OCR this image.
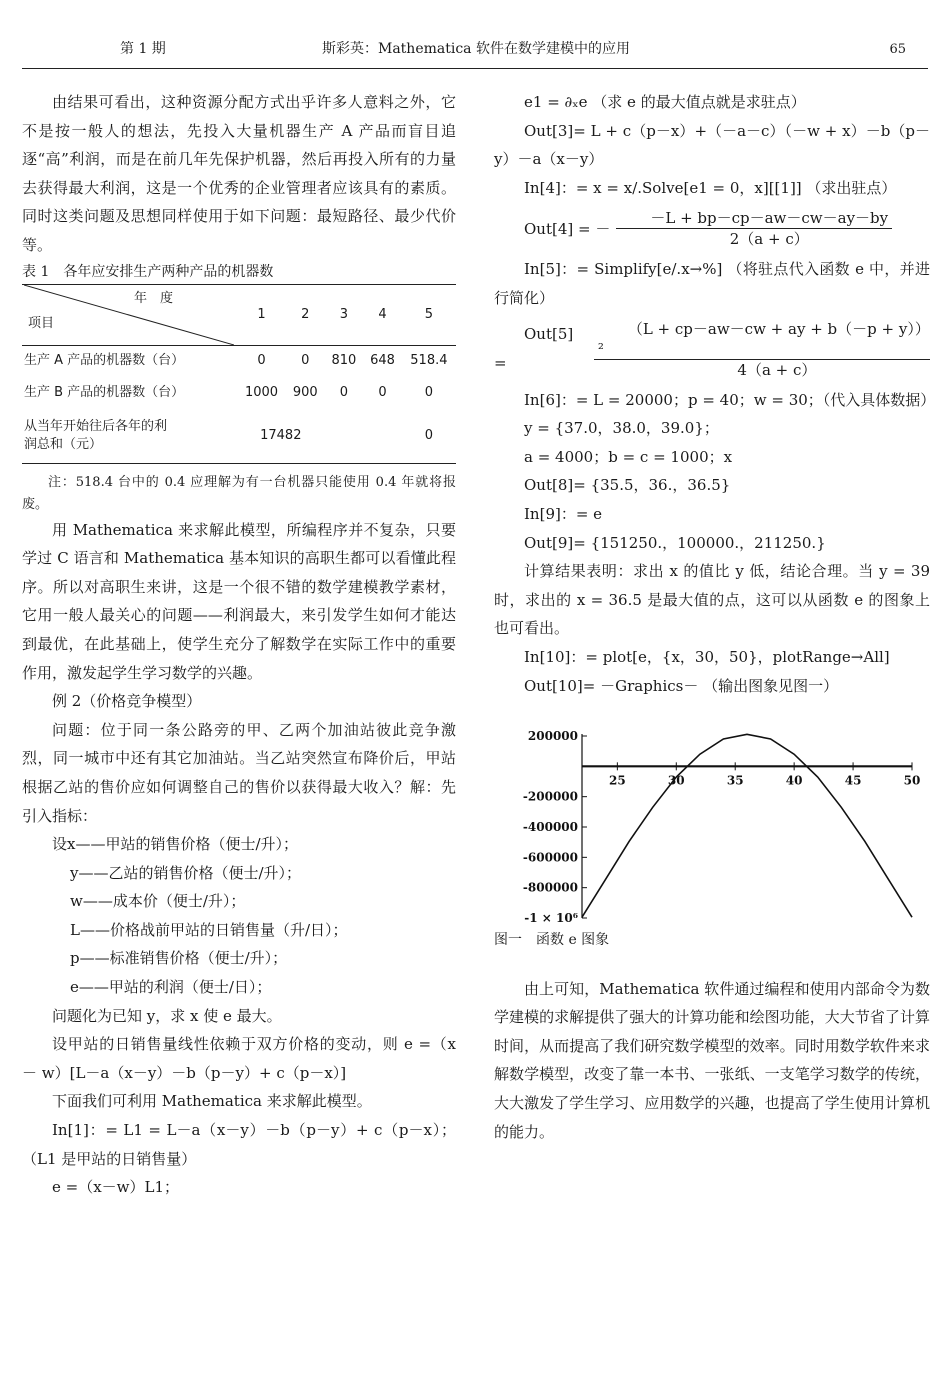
第 1 期	斯彩英：Mathematica 软件在数学建模中的应用	65

由结果可看出，这种资源分配方式出乎许多人意料之外，它不是按一般人的想法，先投入大量机器生产 A 产品而盲目追逐“高”利润，而是在前几年先保护机器，然后再投入所有的力量去获得最大利润，这是一个优秀的企业管理者应该具有的素质。同时这类问题及思想同样使用于如下问题：最短路径、最少代价等。

表 1　各年应安排生产两种产品的机器数

年　度
项目	1	2	3	4	5
生产 A 产品的机器数（台）	0	0	810	648	518.4
生产 B 产品的机器数（台）	1000	900	0	0	0
从当年开始往后各年的利
润总和（元）	17482				0

注：518.4 台中的 0.4 应理解为有一台机器只能使用 0.4 年就将报废。

用 Mathematica 来求解此模型，所编程序并不复杂，只要学过 C 语言和 Mathematica 基本知识的高职生都可以看懂此程序。所以对高职生来讲，这是一个很不错的数学建模教学素材，它用一般人最关心的问题——利润最大，来引发学生如何才能达到最优，在此基础上，使学生充分了解数学在实际工作中的重要作用，激发起学生学习数学的兴趣。

例 2（价格竞争模型）

问题：位于同一条公路旁的甲、乙两个加油站彼此竞争激烈，同一城市中还有其它加油站。当乙站突然宣布降价后，甲站根据乙站的售价应如何调整自己的售价以获得最大收入？解：先引入指标：

设x——甲站的销售价格（便士/升）；

y——乙站的销售价格（便士/升）；

w——成本价（便士/升）；

L——价格战前甲站的日销售量（升/日）；

p——标准销售价格（便士/升）；

e——甲站的利润（便士/日）；

问题化为已知 y，求 x 使 e 最大。

设甲站的日销售量线性依赖于双方价格的变动，则 e =（x － w）[L－a（x－y）－b（p－y）+ c（p－x）]

下面我们可利用 Mathematica 来求解此模型。

In[1]：= L1 = L－a（x－y）－b（p－y）+ c（p－x）；（L1 是甲站的日销售量）

e =（x－w）L1；

e1 = ∂ₓe （求 e 的最大值点就是求驻点）

Out[3]= L + c（p－x）+（－a－c）（－w + x）－b（p－y）－a（x－y）

In[4]：= x = x/.Solve[e1 = 0，x][[1]] （求出驻点）

Out[4] = － $\frac{-L + bp-cp-aw-cw-ay-by}{2(a + c)}$

In[5]：= Simplify[e/.x→%] （将驻点代入函数 e 中，并进行简化）

Out[5] =	$\frac{\text{（L + cp－aw－cw + ay + b（－p + y））²}}{4(a + c)}$

In[6]：= L = 20000；p = 40；w = 30；（代入具体数据）

y = {37.0，38.0，39.0}；

a = 4000；b = c = 1000；x

Out[8]= {35.5，36.，36.5}

In[9]：= e

Out[9]= {151250.，100000.，211250.}

计算结果表明：求出 x 的值比 y 低，结论合理。当 y = 39 时，求出的 x = 36.5 是最大值的点，这可以从函数 e 的图象上也可看出。

In[10]：= plot[e，{x，30，50}，plotRange→All]

Out[10]= －Graphics－ （输出图象见图一）

200000
-200000
-400000
-600000
-800000
-1 × 10⁶
25	30	35	40	45	50

图一　函数 e 图象

由上可知，Mathematica 软件通过编程和使用内部命令为数学建模的求解提供了强大的计算功能和绘图功能，大大节省了计算时间，从而提高了我们研究数学模型的效率。同时用数学软件来求解数学模型，改变了靠一本书、一张纸、一支笔学习数学的传统，大大激发了学生学习、应用数学的兴趣，也提高了学生使用计算机的能力。
